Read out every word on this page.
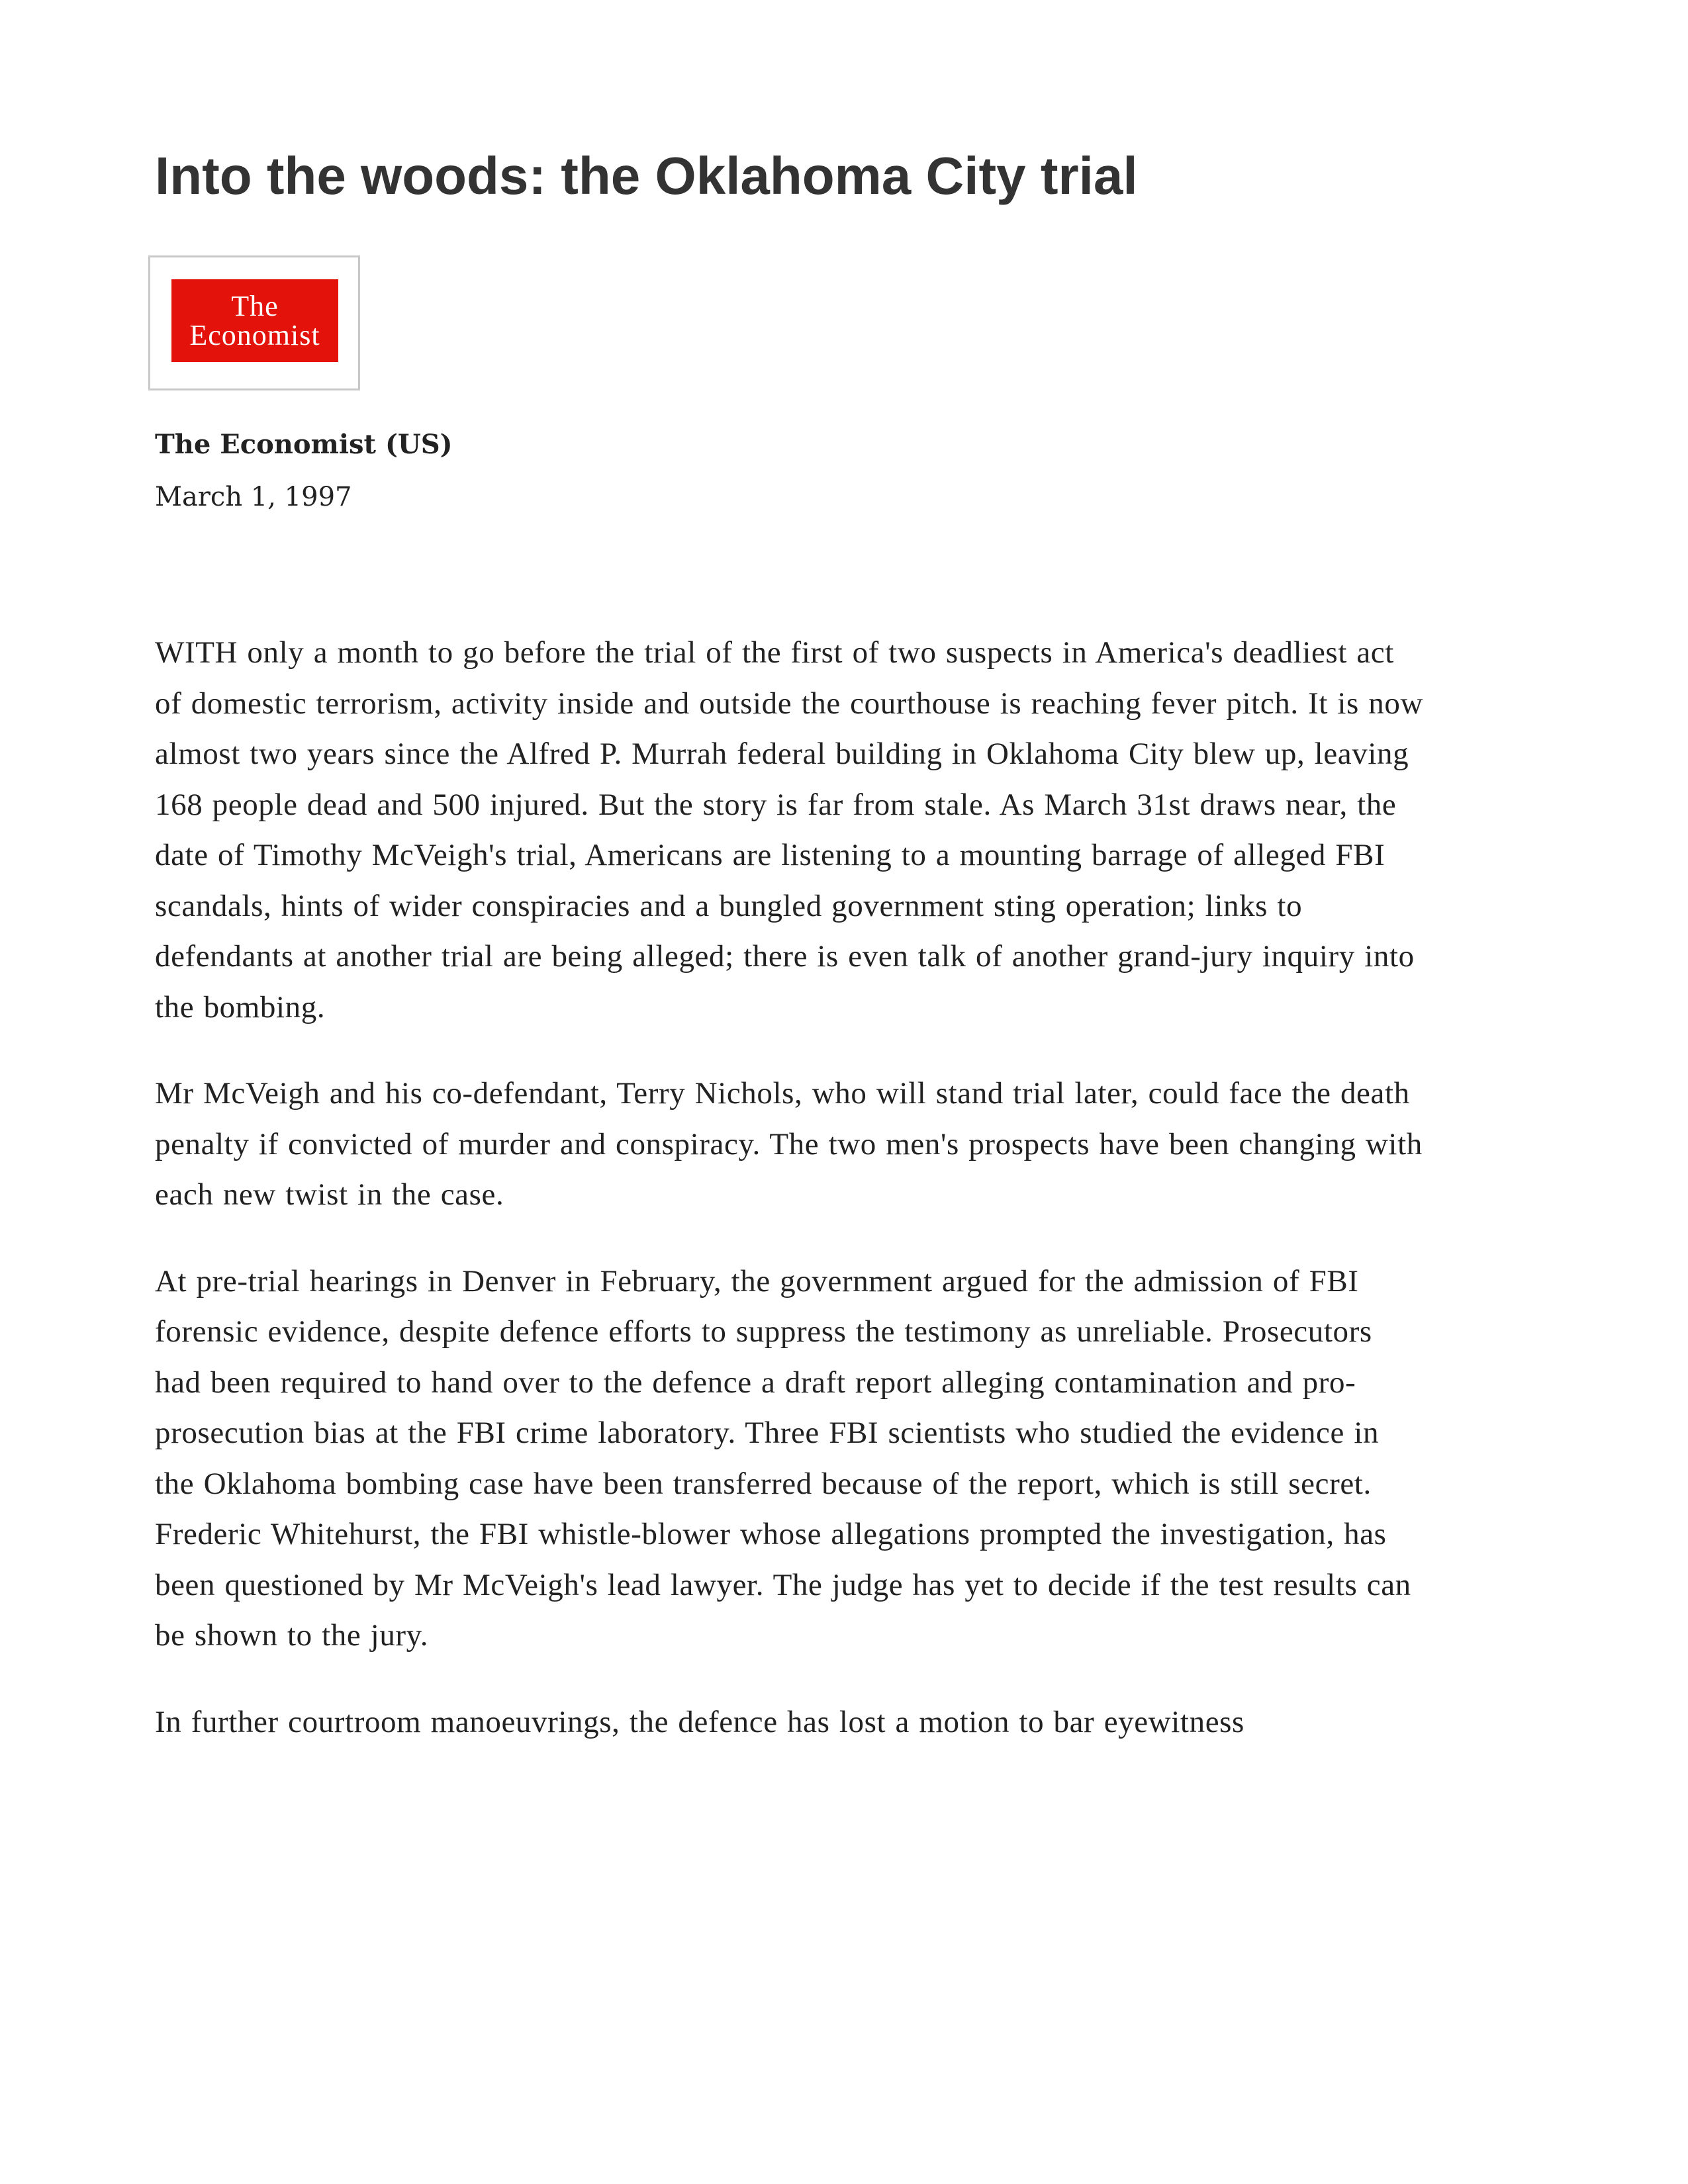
Into the woods: the Oklahoma City trial
The
Economist
The Economist (US)
March 1, 1997

WITH only a month to go before the trial of the first of two suspects in America's deadliest act of domestic terrorism, activity inside and outside the courthouse is reaching fever pitch. It is now almost two years since the Alfred P. Murrah federal building in Oklahoma City blew up, leaving 168 people dead and 500 injured. But the story is far from stale. As March 31st draws near, the date of Timothy McVeigh's trial, Americans are listening to a mounting barrage of alleged FBI scandals, hints of wider conspiracies and a bungled government sting operation; links to defendants at another trial are being alleged; there is even talk of another grand-jury inquiry into the bombing.

Mr McVeigh and his co-defendant, Terry Nichols, who will stand trial later, could face the death penalty if convicted of murder and conspiracy. The two men's prospects have been changing with each new twist in the case.

At pre-trial hearings in Denver in February, the government argued for the admission of FBI forensic evidence, despite defence efforts to suppress the testimony as unreliable. Prosecutors had been required to hand over to the defence a draft report alleging contamination and pro-prosecution bias at the FBI crime laboratory. Three FBI scientists who studied the evidence in the Oklahoma bombing case have been transferred because of the report, which is still secret. Frederic Whitehurst, the FBI whistle-blower whose allegations prompted the investigation, has been questioned by Mr McVeigh's lead lawyer. The judge has yet to decide if the test results can be shown to the jury.

In further courtroom manoeuvrings, the defence has lost a motion to bar eyewitness
